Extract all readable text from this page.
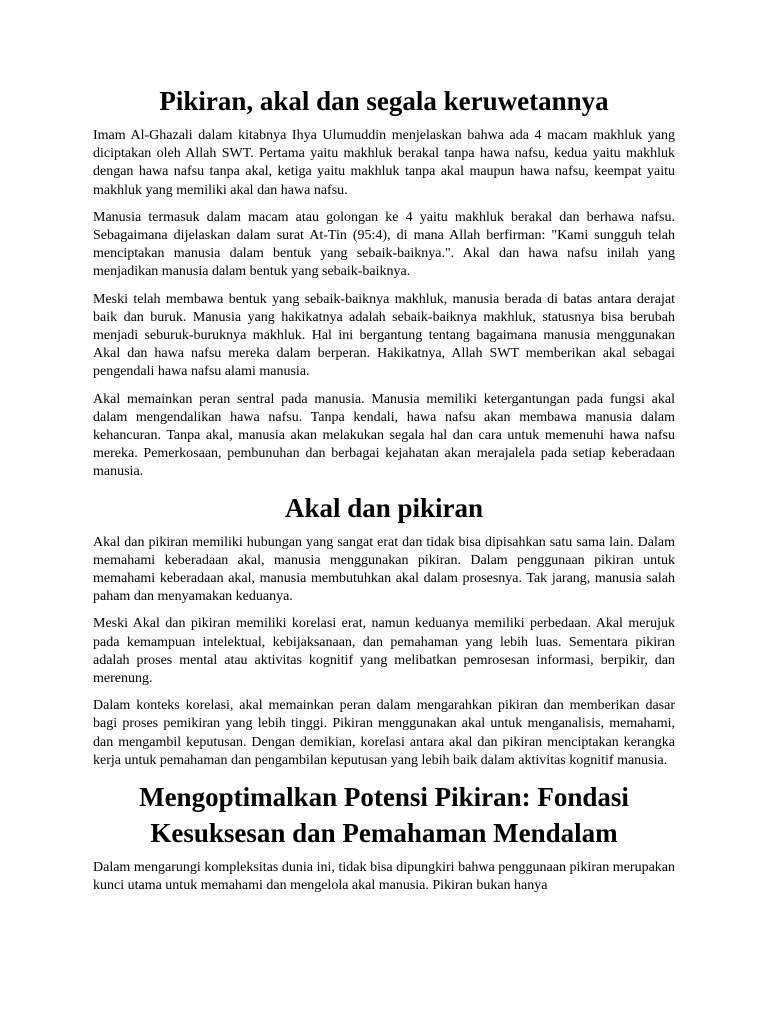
Pikiran, akal dan segala keruwetannya

Imam Al-Ghazali dalam kitabnya Ihya Ulumuddin menjelaskan bahwa ada 4 macam makhluk yang diciptakan oleh Allah SWT. Pertama yaitu makhluk berakal tanpa hawa nafsu, kedua yaitu makhluk dengan hawa nafsu tanpa akal, ketiga yaitu makhluk tanpa akal maupun hawa nafsu, keempat yaitu makhluk yang memiliki akal dan hawa nafsu.

Manusia termasuk dalam macam atau golongan ke 4 yaitu makhluk berakal dan berhawa nafsu. Sebagaimana dijelaskan dalam surat At-Tin (95:4), di mana Allah berfirman: "Kami sungguh telah menciptakan manusia dalam bentuk yang sebaik-baiknya.". Akal dan hawa nafsu inilah yang menjadikan manusia dalam bentuk yang sebaik-baiknya.

Meski telah membawa bentuk yang sebaik-baiknya makhluk, manusia berada di batas antara derajat baik dan buruk. Manusia yang hakikatnya adalah sebaik-baiknya makhluk, statusnya bisa berubah menjadi seburuk-buruknya makhluk. Hal ini bergantung tentang bagaimana manusia menggunakan Akal dan hawa nafsu mereka dalam berperan. Hakikatnya, Allah SWT memberikan akal sebagai pengendali hawa nafsu alami manusia.

Akal memainkan peran sentral pada manusia. Manusia memiliki ketergantungan pada fungsi akal dalam mengendalikan hawa nafsu. Tanpa kendali, hawa nafsu akan membawa manusia dalam kehancuran. Tanpa akal, manusia akan melakukan segala hal dan cara untuk memenuhi hawa nafsu mereka. Pemerkosaan, pembunuhan dan berbagai kejahatan akan merajalela pada setiap keberadaan manusia.

Akal dan pikiran

Akal dan pikiran memiliki hubungan yang sangat erat dan tidak bisa dipisahkan satu sama lain. Dalam memahami keberadaan akal, manusia menggunakan pikiran. Dalam penggunaan pikiran untuk memahami keberadaan akal, manusia membutuhkan akal dalam prosesnya. Tak jarang, manusia salah paham dan menyamakan keduanya.

Meski Akal dan pikiran memiliki korelasi erat, namun keduanya memiliki perbedaan. Akal merujuk pada kemampuan intelektual, kebijaksanaan, dan pemahaman yang lebih luas. Sementara pikiran adalah proses mental atau aktivitas kognitif yang melibatkan pemrosesan informasi, berpikir, dan merenung.

Dalam konteks korelasi, akal memainkan peran dalam mengarahkan pikiran dan memberikan dasar bagi proses pemikiran yang lebih tinggi. Pikiran menggunakan akal untuk menganalisis, memahami, dan mengambil keputusan. Dengan demikian, korelasi antara akal dan pikiran menciptakan kerangka kerja untuk pemahaman dan pengambilan keputusan yang lebih baik dalam aktivitas kognitif manusia.

Mengoptimalkan Potensi Pikiran: Fondasi
Kesuksesan dan Pemahaman Mendalam

Dalam mengarungi kompleksitas dunia ini, tidak bisa dipungkiri bahwa penggunaan pikiran merupakan kunci utama untuk memahami dan mengelola akal manusia. Pikiran bukan hanya
